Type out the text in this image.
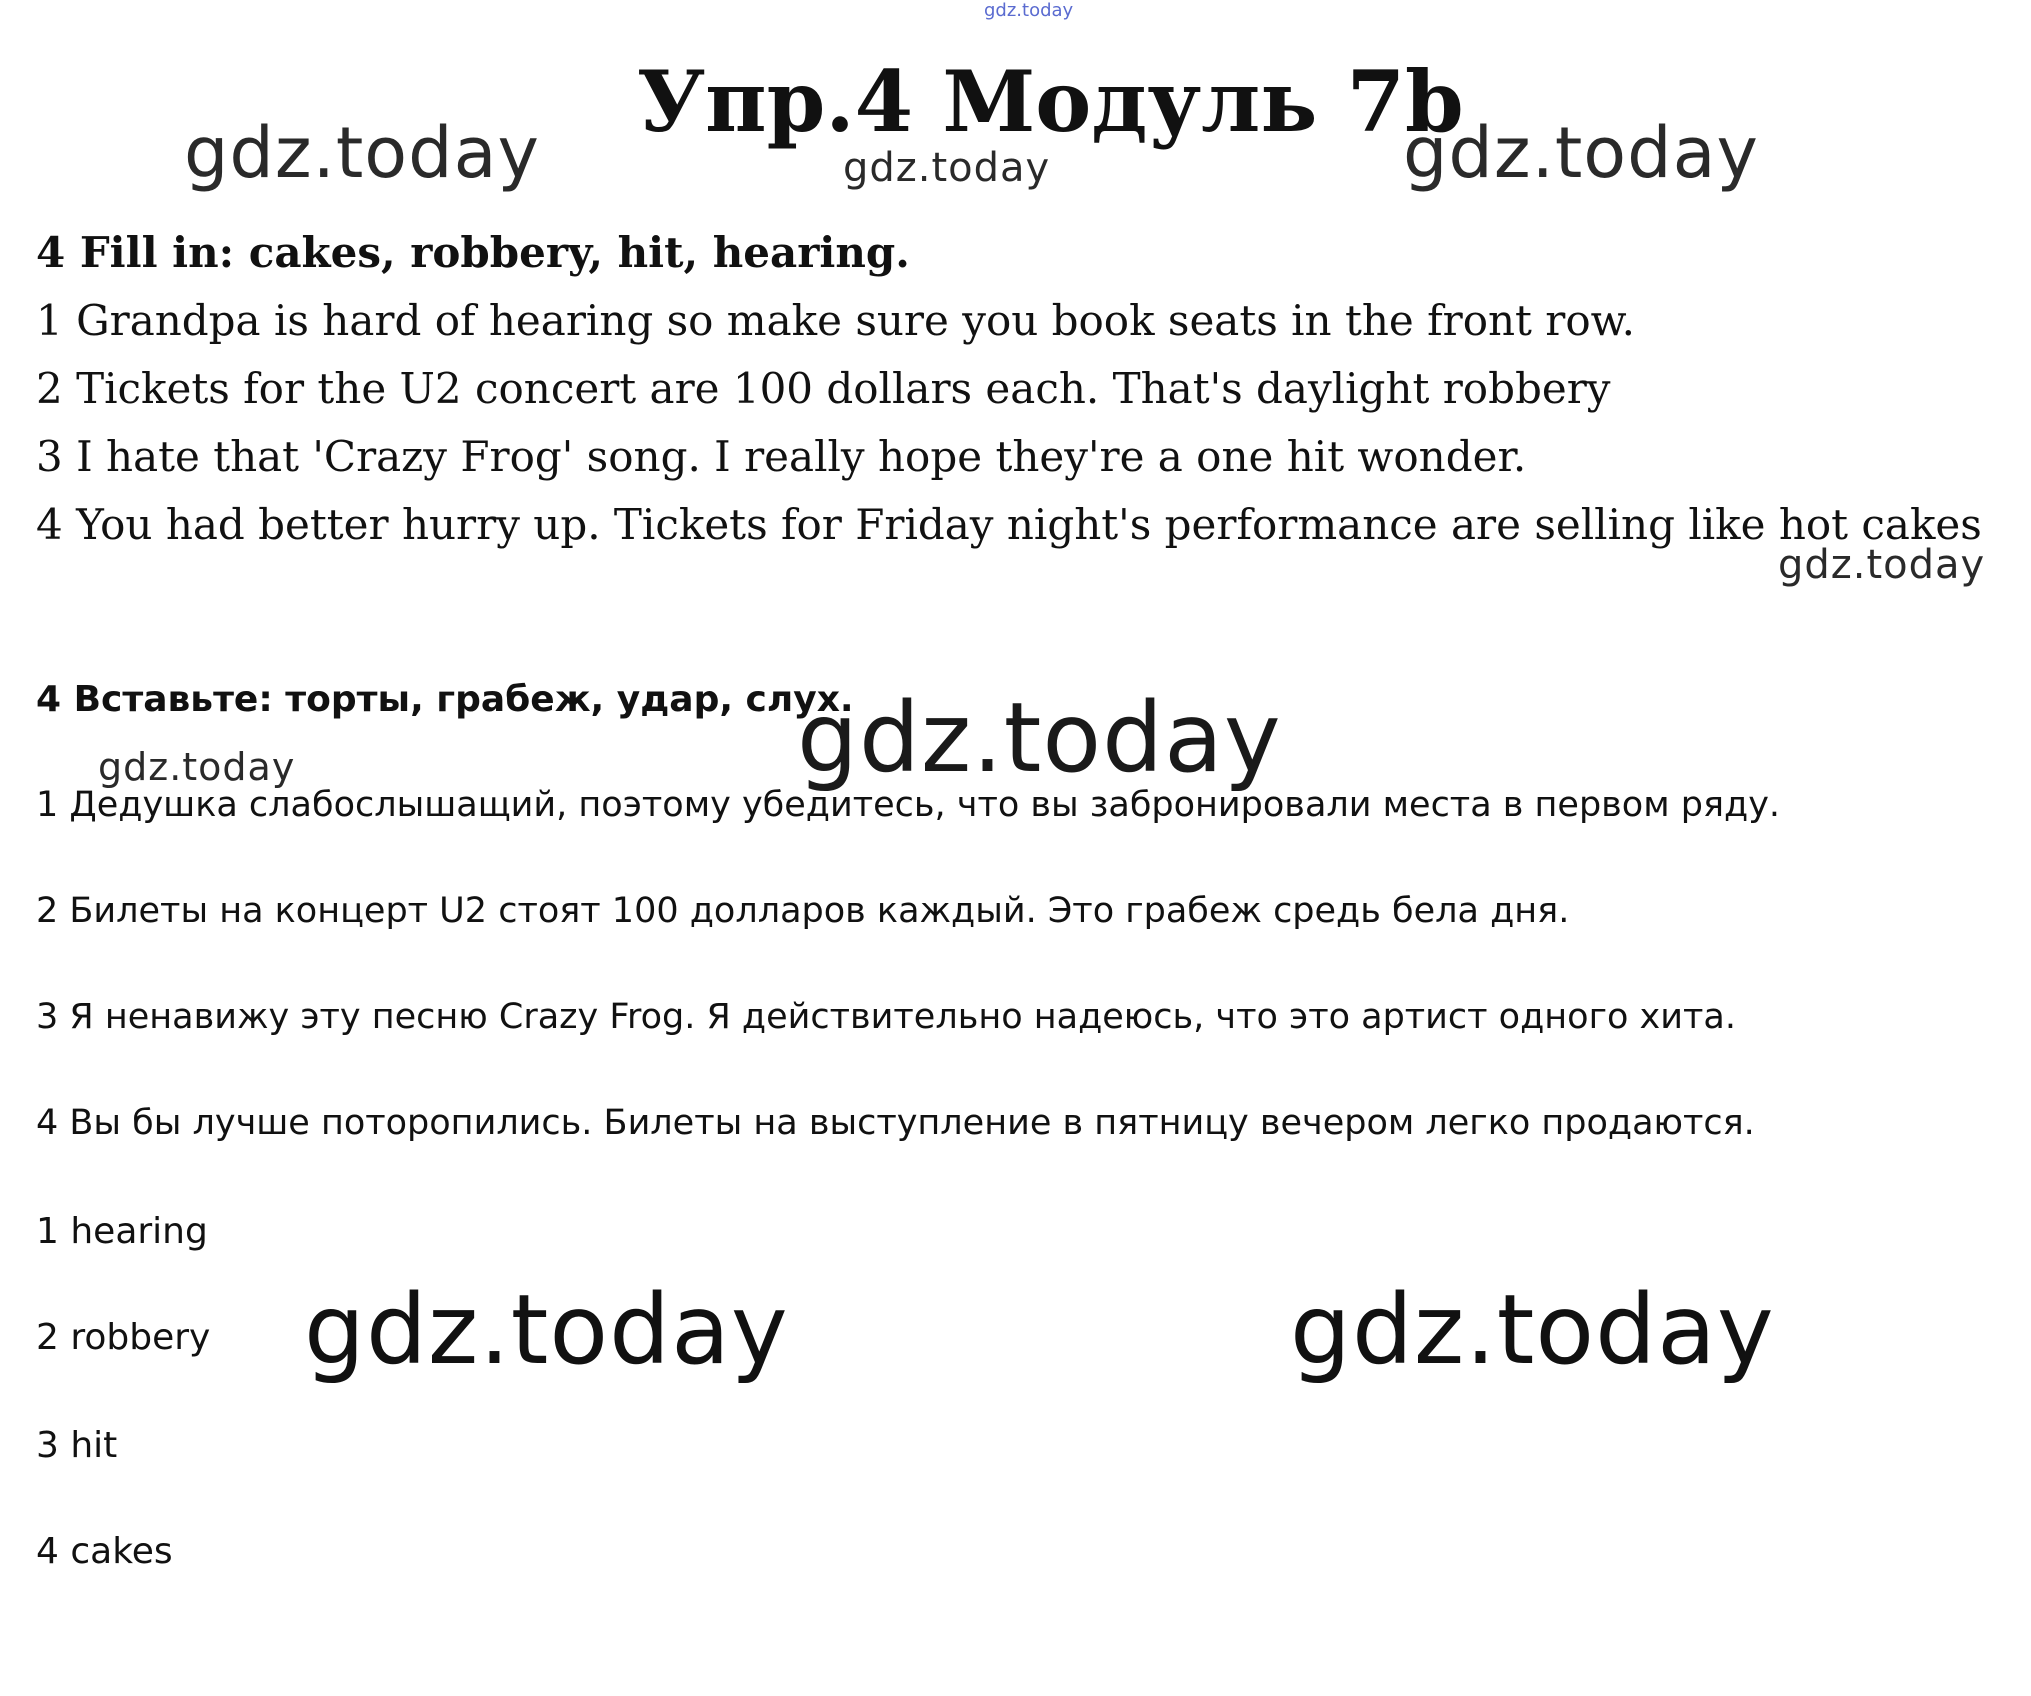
gdz.today
gdz.today	gdz.today
gdz.today
gdz.today
gdz.today
gdz.today
gdz.today	gdz.today
Упр.4 Модуль 7b
4 Fill in: cakes, robbery, hit, hearing.
1 Grandpa is hard of hearing so make sure you book seats in the front row.
2 Tickets for the U2 concert are 100 dollars each. That's daylight robbery
3 I hate that 'Crazy Frog' song. I really hope they're a one hit wonder.
4 You had better hurry up. Tickets for Friday night's performance are selling like hot cakes
4 Вставьте: торты, грабеж, удар, слух.
1 Дедушка слабослышащий, поэтому убедитесь, что вы забронировали места в первом ряду.
2 Билеты на концерт U2 стоят 100 долларов каждый. Это грабеж средь бела дня.
3 Я ненавижу эту песню Crazy Frog. Я действительно надеюсь, что это артист одного хита.
4 Вы бы лучше поторопились. Билеты на выступление в пятницу вечером легко продаются.
1 hearing
2 robbery
3 hit
4 cakes
